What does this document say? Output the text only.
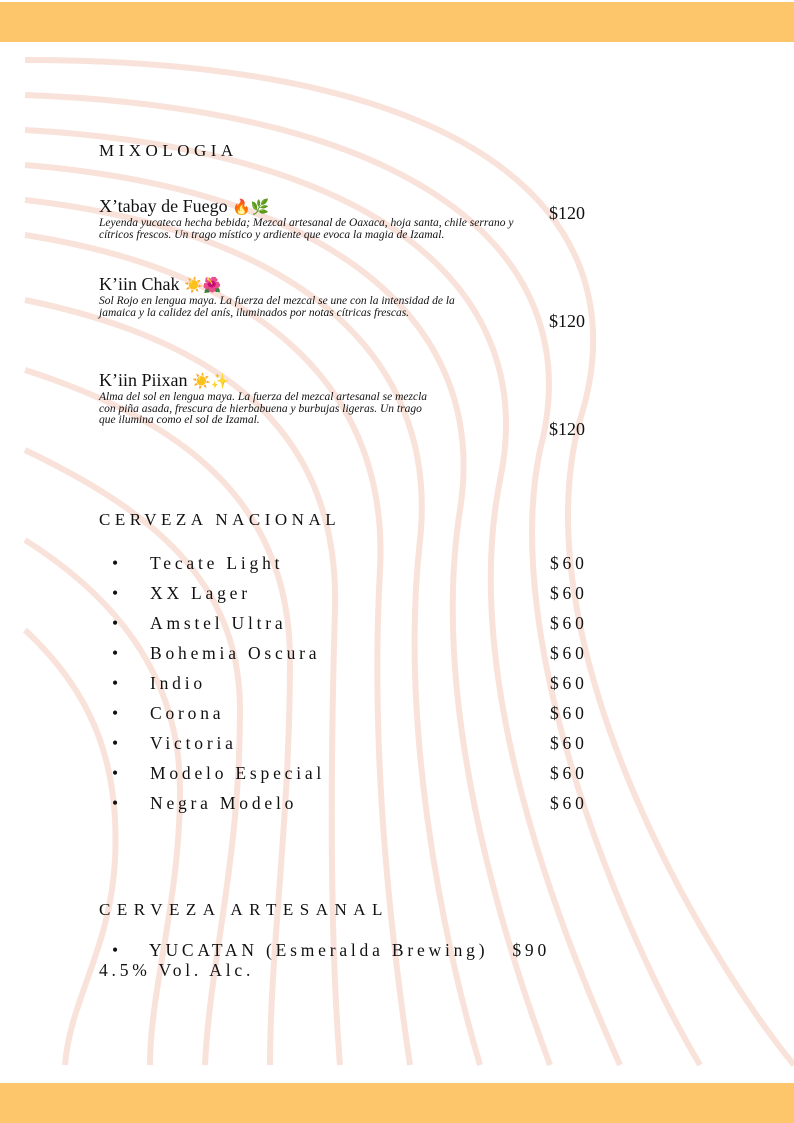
MIXOLOGIA
X’tabay de Fuego 🔥🌿
Leyenda yucateca hecha bebida; Mezcal artesanal de Oaxaca, hoja santa, chile serrano y cítricos frescos. Un trago místico y ardiente que evoca la magia de Izamal.
$120
K’iin Chak ☀️🌺
Sol Rojo en lengua maya. La fuerza del mezcal se une con la intensidad de la jamaica y la calidez del anís, iluminados por notas cítricas frescas.	$120
K’iin Piixan ☀️✨
Alma del sol en lengua maya. La fuerza del mezcal artesanal se mezcla con piña asada, frescura de hierbabuena y burbujas ligeras. Un trago que ilumina como el sol de Izamal.	$120
CERVEZA NACIONAL
• Tecate Light	$60
• XX Lager	$60
• Amstel Ultra	$60
• Bohemia Oscura	$60
• Indio	$60
• Corona	$60
• Victoria	$60
• Modelo Especial	$60
• Negra Modelo	$60
CERVEZA ARTESANAL
• YUCATAN (Esmeralda Brewing) $90
4.5% Vol. Alc.
